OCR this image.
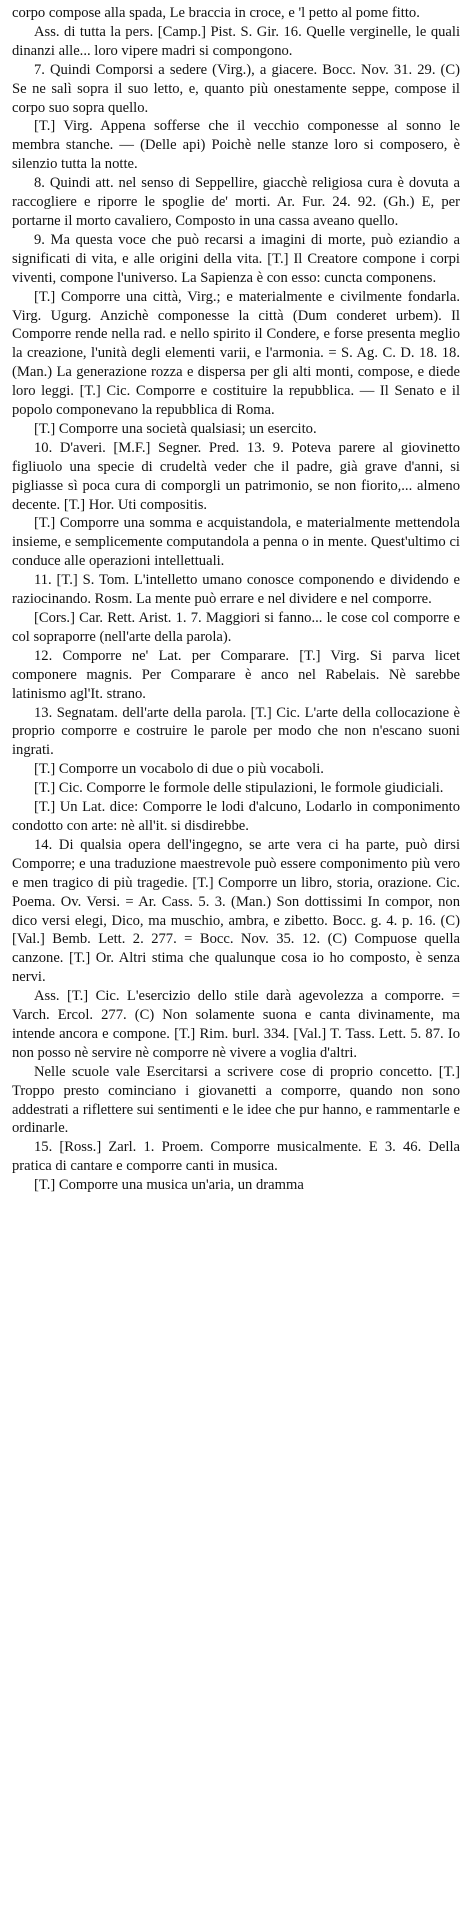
corpo compose alla spada, Le braccia in croce, e 'l petto al pome fitto.

Ass. di tutta la pers. [Camp.] Pist. S. Gir. 16. Quelle verginelle, le quali dinanzi alle... loro vipere madri si compongono.

7. Quindi Comporsi a sedere (Virg.), a giacere. Bocc. Nov. 31. 29. (C) Se ne salì sopra il suo letto, e, quanto più onestamente seppe, compose il corpo suo sopra quello.

[T.] Virg. Appena sofferse che il vecchio componesse al sonno le membra stanche. — (Delle api) Poichè nelle stanze loro si composero, è silenzio tutta la notte.

8. Quindi att. nel senso di Seppellire, giacchè religiosa cura è dovuta a raccogliere e riporre le spoglie de' morti. Ar. Fur. 24. 92. (Gh.) E, per portarne il morto cavaliero, Composto in una cassa aveano quello.

9. Ma questa voce che può recarsi a imagini di morte, può eziandio a significati di vita, e alle origini della vita. [T.] Il Creatore compone i corpi viventi, compone l'universo. La Sapienza è con esso: cuncta componens.

[T.] Comporre una città, Virg.; e materialmente e civilmente fondarla. Virg. Ugurg. Anzichè componesse la città (Dum conderet urbem). Il Comporre rende nella rad. e nello spirito il Condere, e forse presenta meglio la creazione, l'unità degli elementi varii, e l'armonia. = S. Ag. C. D. 18. 18. (Man.) La generazione rozza e dispersa per gli alti monti, compose, e diede loro leggi. [T.] Cic. Comporre e costituire la repubblica. — Il Senato e il popolo componevano la repubblica di Roma.

[T.] Comporre una società qualsiasi; un esercito.

10. D'averi. [M.F.] Segner. Pred. 13. 9. Poteva parere al giovinetto figliuolo una specie di crudeltà veder che il padre, già grave d'anni, si pigliasse sì poca cura di comporgli un patrimonio, se non fiorito,... almeno decente. [T.] Hor. Uti compositis.

[T.] Comporre una somma e acquistandola, e materialmente mettendola insieme, e semplicemente computandola a penna o in mente. Quest'ultimo ci conduce alle operazioni intellettuali.

11. [T.] S. Tom. L'intelletto umano conosce componendo e dividendo e raziocinando. Rosm. La mente può errare e nel dividere e nel comporre.

[Cors.] Car. Rett. Arist. 1. 7. Maggiori si fanno... le cose col comporre e col sopraporre (nell'arte della parola).

12. Comporre ne' Lat. per Comparare. [T.] Virg. Si parva licet componere magnis. Per Comparare è anco nel Rabelais. Nè sarebbe latinismo agl'It. strano.

13. Segnatam. dell'arte della parola. [T.] Cic. L'arte della collocazione è proprio comporre e costruire le parole per modo che non n'escano suoni ingrati.

[T.] Comporre un vocabolo di due o più vocaboli.

[T.] Cic. Comporre le formole delle stipulazioni, le formole giudiciali.

[T.] Un Lat. dice: Comporre le lodi d'alcuno, Lodarlo in componimento condotto con arte: nè all'it. si disdirebbe.

14. Di qualsia opera dell'ingegno, se arte vera ci ha parte, può dirsi Comporre; e una traduzione maestrevole può essere componimento più vero e men tragico di più tragedie. [T.] Comporre un libro, storia, orazione. Cic. Poema. Ov. Versi. = Ar. Cass. 5. 3. (Man.) Son dottissimi In compor, non dico versi elegi, Dico, ma muschio, ambra, e zibetto. Bocc. g. 4. p. 16. (C) [Val.] Bemb. Lett. 2. 277. = Bocc. Nov. 35. 12. (C) Compuose quella canzone. [T.] Or. Altri stima che qualunque cosa io ho composto, è senza nervi.

Ass. [T.] Cic. L'esercizio dello stile darà agevolezza a comporre. = Varch. Ercol. 277. (C) Non solamente suona e canta divinamente, ma intende ancora e compone. [T.] Rim. burl. 334. [Val.] T. Tass. Lett. 5. 87. Io non posso nè servire nè comporre nè vivere a voglia d'altri.

Nelle scuole vale Esercitarsi a scrivere cose di proprio concetto. [T.] Troppo presto cominciano i giovanetti a comporre, quando non sono addestrati a riflettere sui sentimenti e le idee che pur hanno, e rammentarle e ordinarle.

15. [Ross.] Zarl. 1. Proem. Comporre musicalmente. E 3. 46. Della pratica di cantare e comporre canti in musica.

[T.] Comporre una musica un'aria, un dramma
